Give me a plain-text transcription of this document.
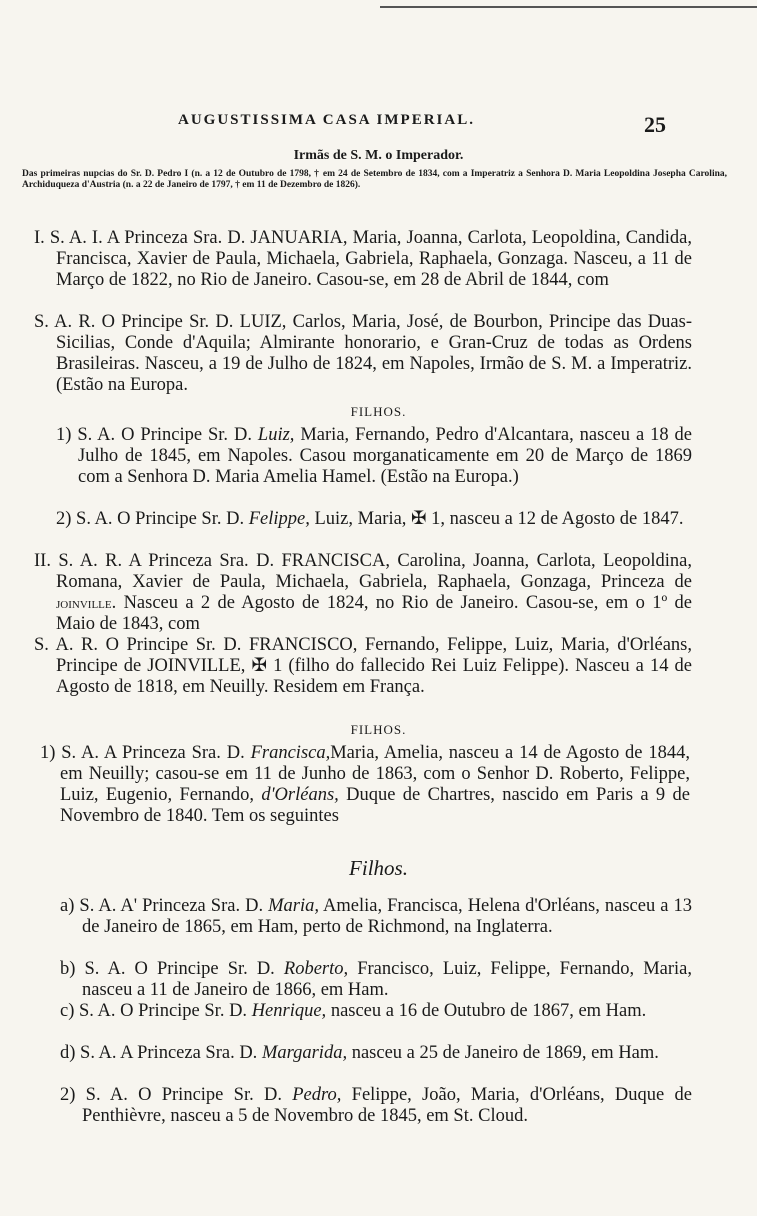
AUGUSTISSIMA CASA IMPERIAL.	25
Irmãs de S. M. o Imperador.
Das primeiras nupcias do Sr. D. Pedro I (n. a 12 de Outubro de 1798, † em 24 de Setembro de 1834, com a Imperatriz a Senhora D. Maria Leopoldina Josepha Carolina, Archiduqueza d'Austria (n. a 22 de Janeiro de 1797, † em 11 de Dezembro de 1826).
I. S. A. I. A Princeza Sra. D. JANUARIA, Maria, Joanna, Carlota, Leopoldina, Candida, Francisca, Xavier de Paula, Michaela, Gabriela, Raphaela, Gonzaga. Nasceu, a 11 de Março de 1822, no Rio de Janeiro. Casou-se, em 28 de Abril de 1844, com
S. A. R. O Principe Sr. D. LUIZ, Carlos, Maria, José, de Bourbon, Principe das Duas-Sicilias, Conde d'Aquila; Almirante honorario, e Gran-Cruz de todas as Ordens Brasileiras. Nasceu, a 19 de Julho de 1824, em Napoles, Irmão de S. M. a Imperatriz. (Estão na Europa.
FILHOS.
1) S. A. O Principe Sr. D. Luiz, Maria, Fernando, Pedro d'Alcantara, nasceu a 18 de Julho de 1845, em Napoles. Casou morganaticamente em 20 de Março de 1869 com a Senhora D. Maria Amelia Hamel. (Estão na Europa.)
2) S. A. O Principe Sr. D. Felippe, Luiz, Maria, ✠ 1, nasceu a 12 de Agosto de 1847.
II. S. A. R. A Princeza Sra. D. FRANCISCA, Carolina, Joanna, Carlota, Leopoldina, Romana, Xavier de Paula, Michaela, Gabriela, Raphaela, Gonzaga, Princeza de joinville. Nasceu a 2 de Agosto de 1824, no Rio de Janeiro. Casou-se, em o 1º de Maio de 1843, com
S. A. R. O Principe Sr. D. FRANCISCO, Fernando, Felippe, Luiz, Maria, d'Orléans, Principe de JOINVILLE, ✠ 1 (filho do fallecido Rei Luiz Felippe). Nasceu a 14 de Agosto de 1818, em Neuilly. Residem em França.
FILHOS.
1) S. A. A Princeza Sra. D. Francisca,Maria, Amelia, nasceu a 14 de Agosto de 1844, em Neuilly; casou-se em 11 de Junho de 1863, com o Senhor D. Roberto, Felippe, Luiz, Eugenio, Fernando, d'Orléans, Duque de Chartres, nascido em Paris a 9 de Novembro de 1840. Tem os seguintes
Filhos.
a) S. A. A' Princeza Sra. D. Maria, Amelia, Francisca, Helena d'Orléans, nasceu a 13 de Janeiro de 1865, em Ham, perto de Richmond, na Inglaterra.
b) S. A. O Principe Sr. D. Roberto, Francisco, Luiz, Felippe, Fernando, Maria, nasceu a 11 de Janeiro de 1866, em Ham.
c) S. A. O Principe Sr. D. Henrique, nasceu a 16 de Outubro de 1867, em Ham.
d) S. A. A Princeza Sra. D. Margarida, nasceu a 25 de Janeiro de 1869, em Ham.
2) S. A. O Principe Sr. D. Pedro, Felippe, João, Maria, d'Orléans, Duque de Penthièvre, nasceu a 5 de Novembro de 1845, em St. Cloud.
